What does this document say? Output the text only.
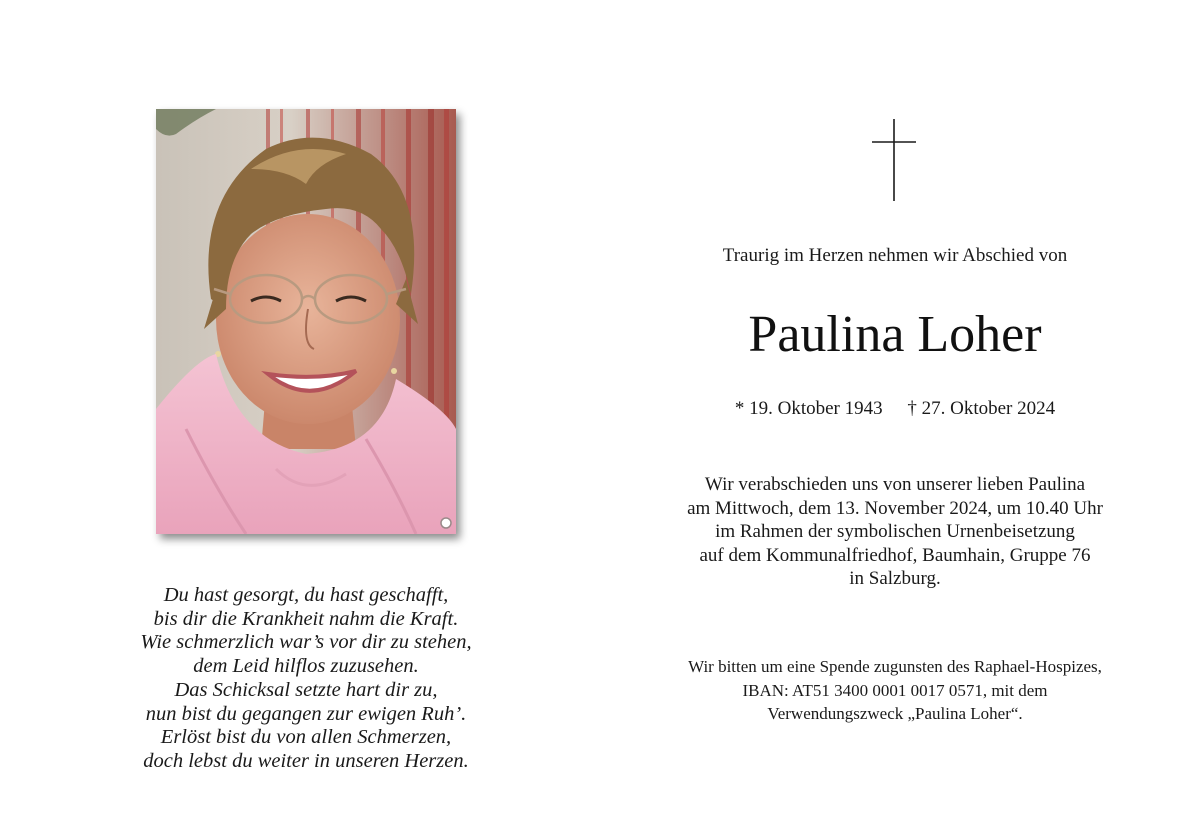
Du hast gesorgt, du hast geschafft,
bis dir die Krankheit nahm die Kraft.
Wie schmerzlich war’s vor dir zu stehen,
dem Leid hilflos zuzusehen.
Das Schicksal setzte hart dir zu,
nun bist du gegangen zur ewigen Ruh’.
Erlöst bist du von allen Schmerzen,
doch lebst du weiter in unseren Herzen.
Traurig im Herzen nehmen wir Abschied von
Paulina Loher
* 19. Oktober 1943 † 27. Oktober 2024
Wir verabschieden uns von unserer lieben Paulina
am Mittwoch, dem 13. November 2024, um 10.40 Uhr
im Rahmen der symbolischen Urnenbeisetzung
auf dem Kommunalfriedhof, Baumhain, Gruppe 76
in Salzburg.
Wir bitten um eine Spende zugunsten des Raphael-Hospizes,
IBAN: AT51 3400 0001 0017 0571, mit dem
Verwendungszweck „Paulina Loher“.
